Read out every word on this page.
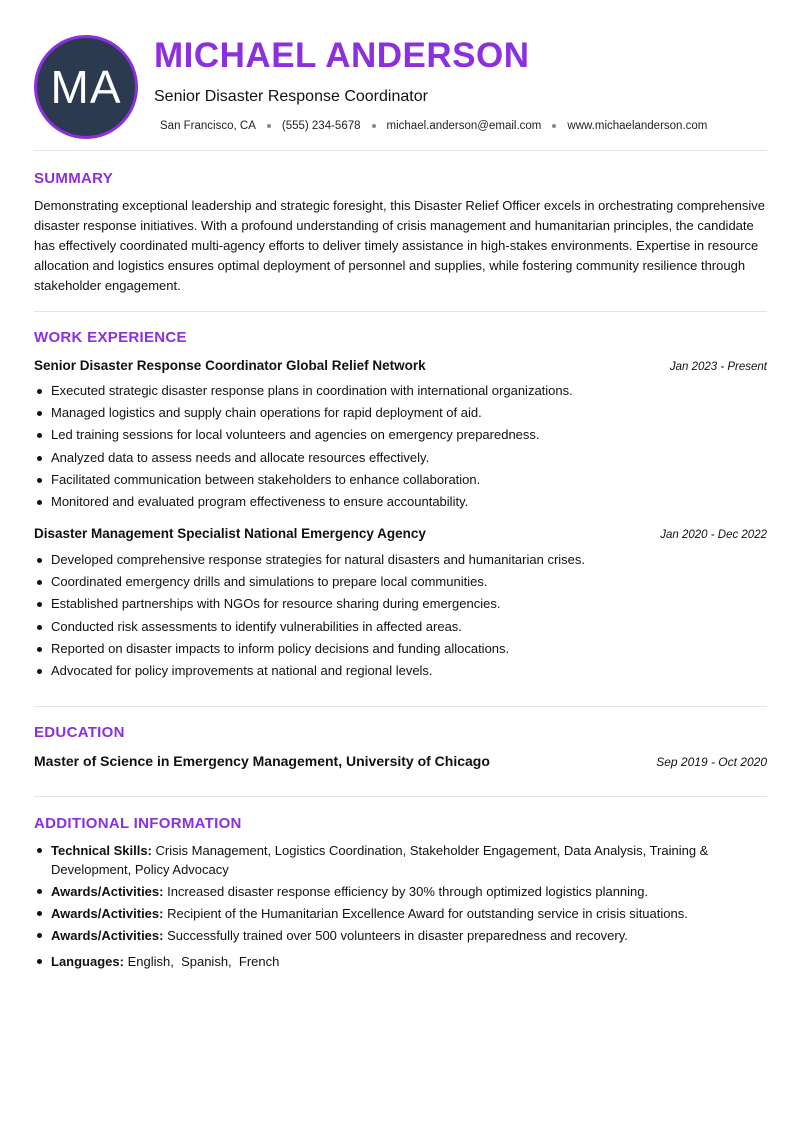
MA
MICHAEL ANDERSON
Senior Disaster Response Coordinator
San Francisco, CA (555) 234-5678 michael.anderson@email.com www.michaelanderson.com
SUMMARY

Demonstrating exceptional leadership and strategic foresight, this Disaster Relief Officer excels in orchestrating comprehensive disaster response initiatives. With a profound understanding of crisis management and humanitarian principles, the candidate has effectively coordinated multi-agency efforts to deliver timely assistance in high-stakes environments. Expertise in resource allocation and logistics ensures optimal deployment of personnel and supplies, while fostering community resilience through stakeholder engagement.

WORK EXPERIENCE
Senior Disaster Response Coordinator Global Relief Network	Jan 2023 - Present
Executed strategic disaster response plans in coordination with international organizations.
Managed logistics and supply chain operations for rapid deployment of aid.
Led training sessions for local volunteers and agencies on emergency preparedness.
Analyzed data to assess needs and allocate resources effectively.
Facilitated communication between stakeholders to enhance collaboration.
Monitored and evaluated program effectiveness to ensure accountability.
Disaster Management Specialist National Emergency Agency	Jan 2020 - Dec 2022
Developed comprehensive response strategies for natural disasters and humanitarian crises.
Coordinated emergency drills and simulations to prepare local communities.
Established partnerships with NGOs for resource sharing during emergencies.
Conducted risk assessments to identify vulnerabilities in affected areas.
Reported on disaster impacts to inform policy decisions and funding allocations.
Advocated for policy improvements at national and regional levels.
EDUCATION
Master of Science in Emergency Management, University of Chicago	Sep 2019 - Oct 2020
ADDITIONAL INFORMATION
Technical Skills: Crisis Management, Logistics Coordination, Stakeholder Engagement, Data Analysis, Training & Development, Policy Advocacy
Awards/Activities: Increased disaster response efficiency by 30% through optimized logistics planning.
Awards/Activities: Recipient of the Humanitarian Excellence Award for outstanding service in crisis situations.
Awards/Activities: Successfully trained over 500 volunteers in disaster preparedness and recovery.
Languages: English,  Spanish,  French
